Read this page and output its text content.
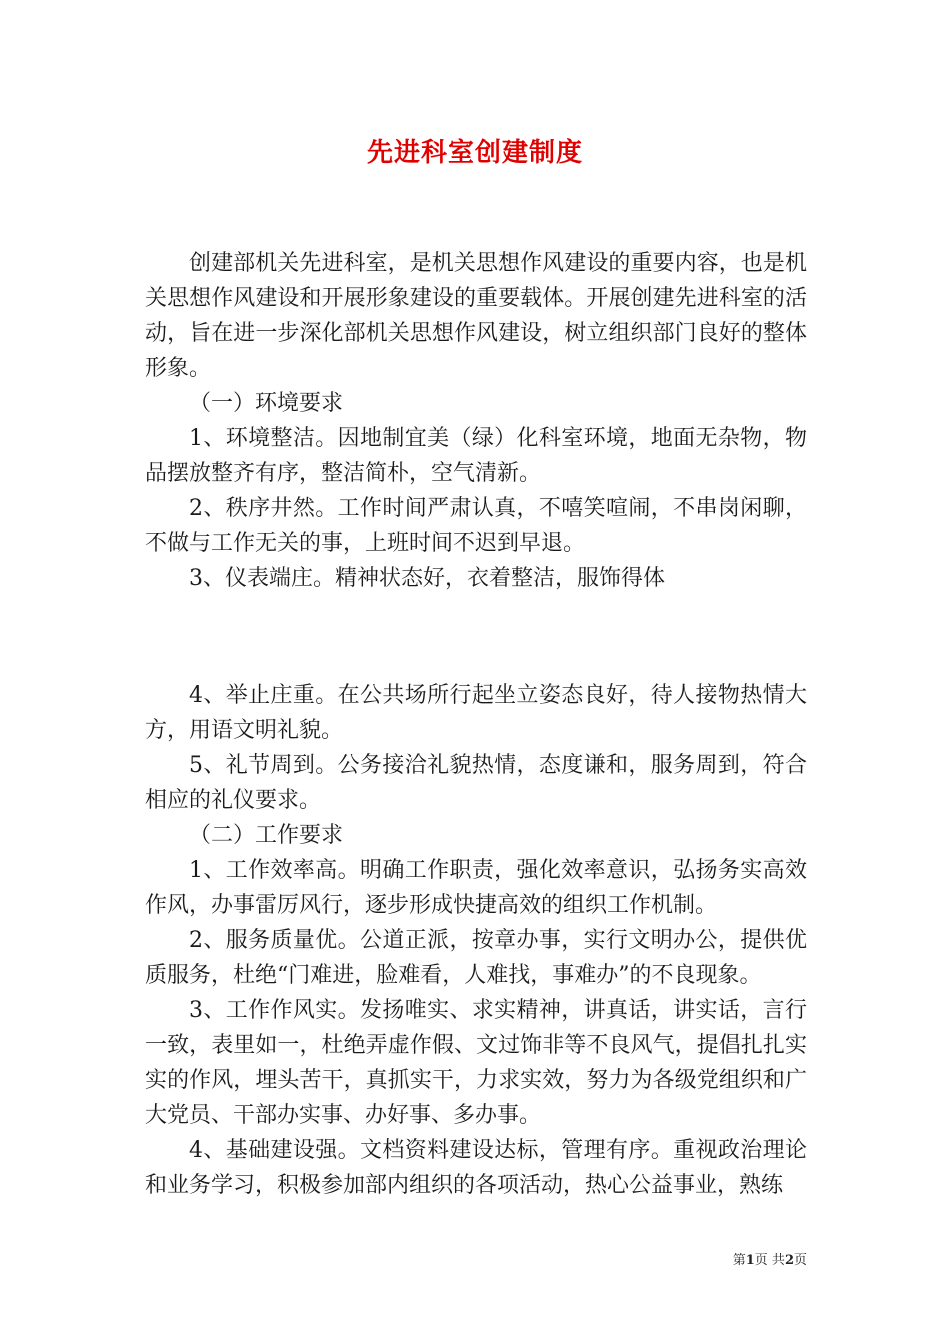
先进科室创建制度

创建部机关先进科室，是机关思想作风建设的重要内容，也是机关思想作风建设和开展形象建设的重要载体。开展创建先进科室的活动，旨在进一步深化部机关思想作风建设，树立组织部门良好的整体形象。

（一）环境要求

1、环境整洁。因地制宜美（绿）化科室环境，地面无杂物，物品摆放整齐有序，整洁简朴，空气清新。

2、秩序井然。工作时间严肃认真，不嘻笑喧闹，不串岗闲聊，不做与工作无关的事，上班时间不迟到早退。

3、仪表端庄。精神状态好，衣着整洁，服饰得体

4、举止庄重。在公共场所行起坐立姿态良好，待人接物热情大方，用语文明礼貌。

5、礼节周到。公务接洽礼貌热情，态度谦和，服务周到，符合相应的礼仪要求。

（二）工作要求

1、工作效率高。明确工作职责，强化效率意识，弘扬务实高效作风，办事雷厉风行，逐步形成快捷高效的组织工作机制。

2、服务质量优。公道正派，按章办事，实行文明办公，提供优质服务，杜绝“门难进，脸难看，人难找，事难办”的不良现象。

3、工作作风实。发扬唯实、求实精神，讲真话，讲实话，言行一致，表里如一，杜绝弄虚作假、文过饰非等不良风气，提倡扎扎实实的作风，埋头苦干，真抓实干，力求实效，努力为各级党组织和广大党员、干部办实事、办好事、多办事。

4、基础建设强。文档资料建设达标，管理有序。重视政治理论和业务学习，积极参加部内组织的各项活动，热心公益事业，熟练

第1页 共2页
